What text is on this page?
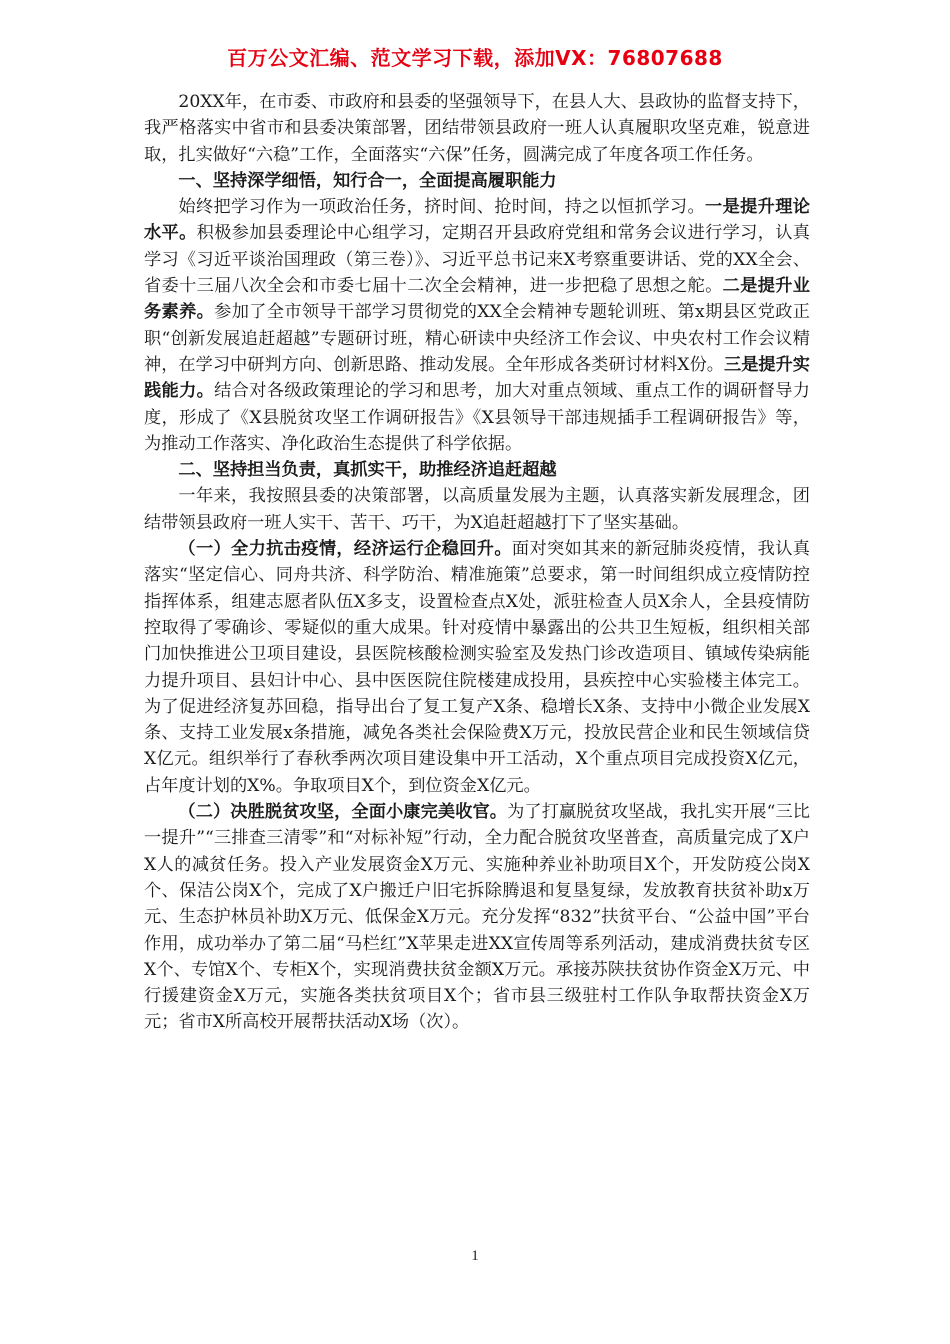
百万公文汇编、范文学习下载，添加VX：76807688

20XX年，在市委、市政府和县委的坚强领导下，在县人大、县政协的监督支持下，我严格落实中省市和县委决策部署，团结带领县政府一班人认真履职攻坚克难，锐意进取，扎实做好“六稳”工作，全面落实“六保”任务，圆满完成了年度各项工作任务。

一、坚持深学细悟，知行合一，全面提高履职能力

始终把学习作为一项政治任务，挤时间、抢时间，持之以恒抓学习。一是提升理论水平。积极参加县委理论中心组学习，定期召开县政府党组和常务会议进行学习，认真学习《习近平谈治国理政（第三卷）》、习近平总书记来X考察重要讲话、党的XX全会、省委十三届八次全会和市委七届十二次全会精神，进一步把稳了思想之舵。二是提升业务素养。参加了全市领导干部学习贯彻党的XX全会精神专题轮训班、第x期县区党政正职“创新发展追赶超越”专题研讨班，精心研读中央经济工作会议、中央农村工作会议精神，在学习中研判方向、创新思路、推动发展。全年形成各类研讨材料X份。三是提升实践能力。结合对各级政策理论的学习和思考，加大对重点领域、重点工作的调研督导力度，形成了《X县脱贫攻坚工作调研报告》《X县领导干部违规插手工程调研报告》等，为推动工作落实、净化政治生态提供了科学依据。

二、坚持担当负责，真抓实干，助推经济追赶超越

一年来，我按照县委的决策部署，以高质量发展为主题，认真落实新发展理念，团结带领县政府一班人实干、苦干、巧干，为X追赶超越打下了坚实基础。

（一）全力抗击疫情，经济运行企稳回升。面对突如其来的新冠肺炎疫情，我认真落实“坚定信心、同舟共济、科学防治、精准施策”总要求，第一时间组织成立疫情防控指挥体系，组建志愿者队伍X多支，设置检查点X处，派驻检查人员X余人，全县疫情防控取得了零确诊、零疑似的重大成果。针对疫情中暴露出的公共卫生短板，组织相关部门加快推进公卫项目建设，县医院核酸检测实验室及发热门诊改造项目、镇域传染病能力提升项目、县妇计中心、县中医医院住院楼建成投用，县疾控中心实验楼主体完工。为了促进经济复苏回稳，指导出台了复工复产X条、稳增长X条、支持中小微企业发展X条、支持工业发展x条措施，减免各类社会保险费X万元，投放民营企业和民生领域信贷X亿元。组织举行了春秋季两次项目建设集中开工活动，X个重点项目完成投资X亿元，占年度计划的X%。争取项目X个，到位资金X亿元。

（二）决胜脱贫攻坚，全面小康完美收官。为了打赢脱贫攻坚战，我扎实开展“三比一提升”“三排查三清零”和“对标补短”行动，全力配合脱贫攻坚普查，高质量完成了X户X人的减贫任务。投入产业发展资金X万元、实施种养业补助项目X个，开发防疫公岗X个、保洁公岗X个，完成了X户搬迁户旧宅拆除腾退和复垦复绿，发放教育扶贫补助x万元、生态护林员补助X万元、低保金X万元。充分发挥“832”扶贫平台、“公益中国”平台作用，成功举办了第二届“马栏红”X苹果走进XX宣传周等系列活动，建成消费扶贫专区X个、专馆X个、专柜X个，实现消费扶贫金额X万元。承接苏陕扶贫协作资金X万元、中行援建资金X万元，实施各类扶贫项目X个；省市县三级驻村工作队争取帮扶资金X万元；省市X所高校开展帮扶活动X场（次）。

1
